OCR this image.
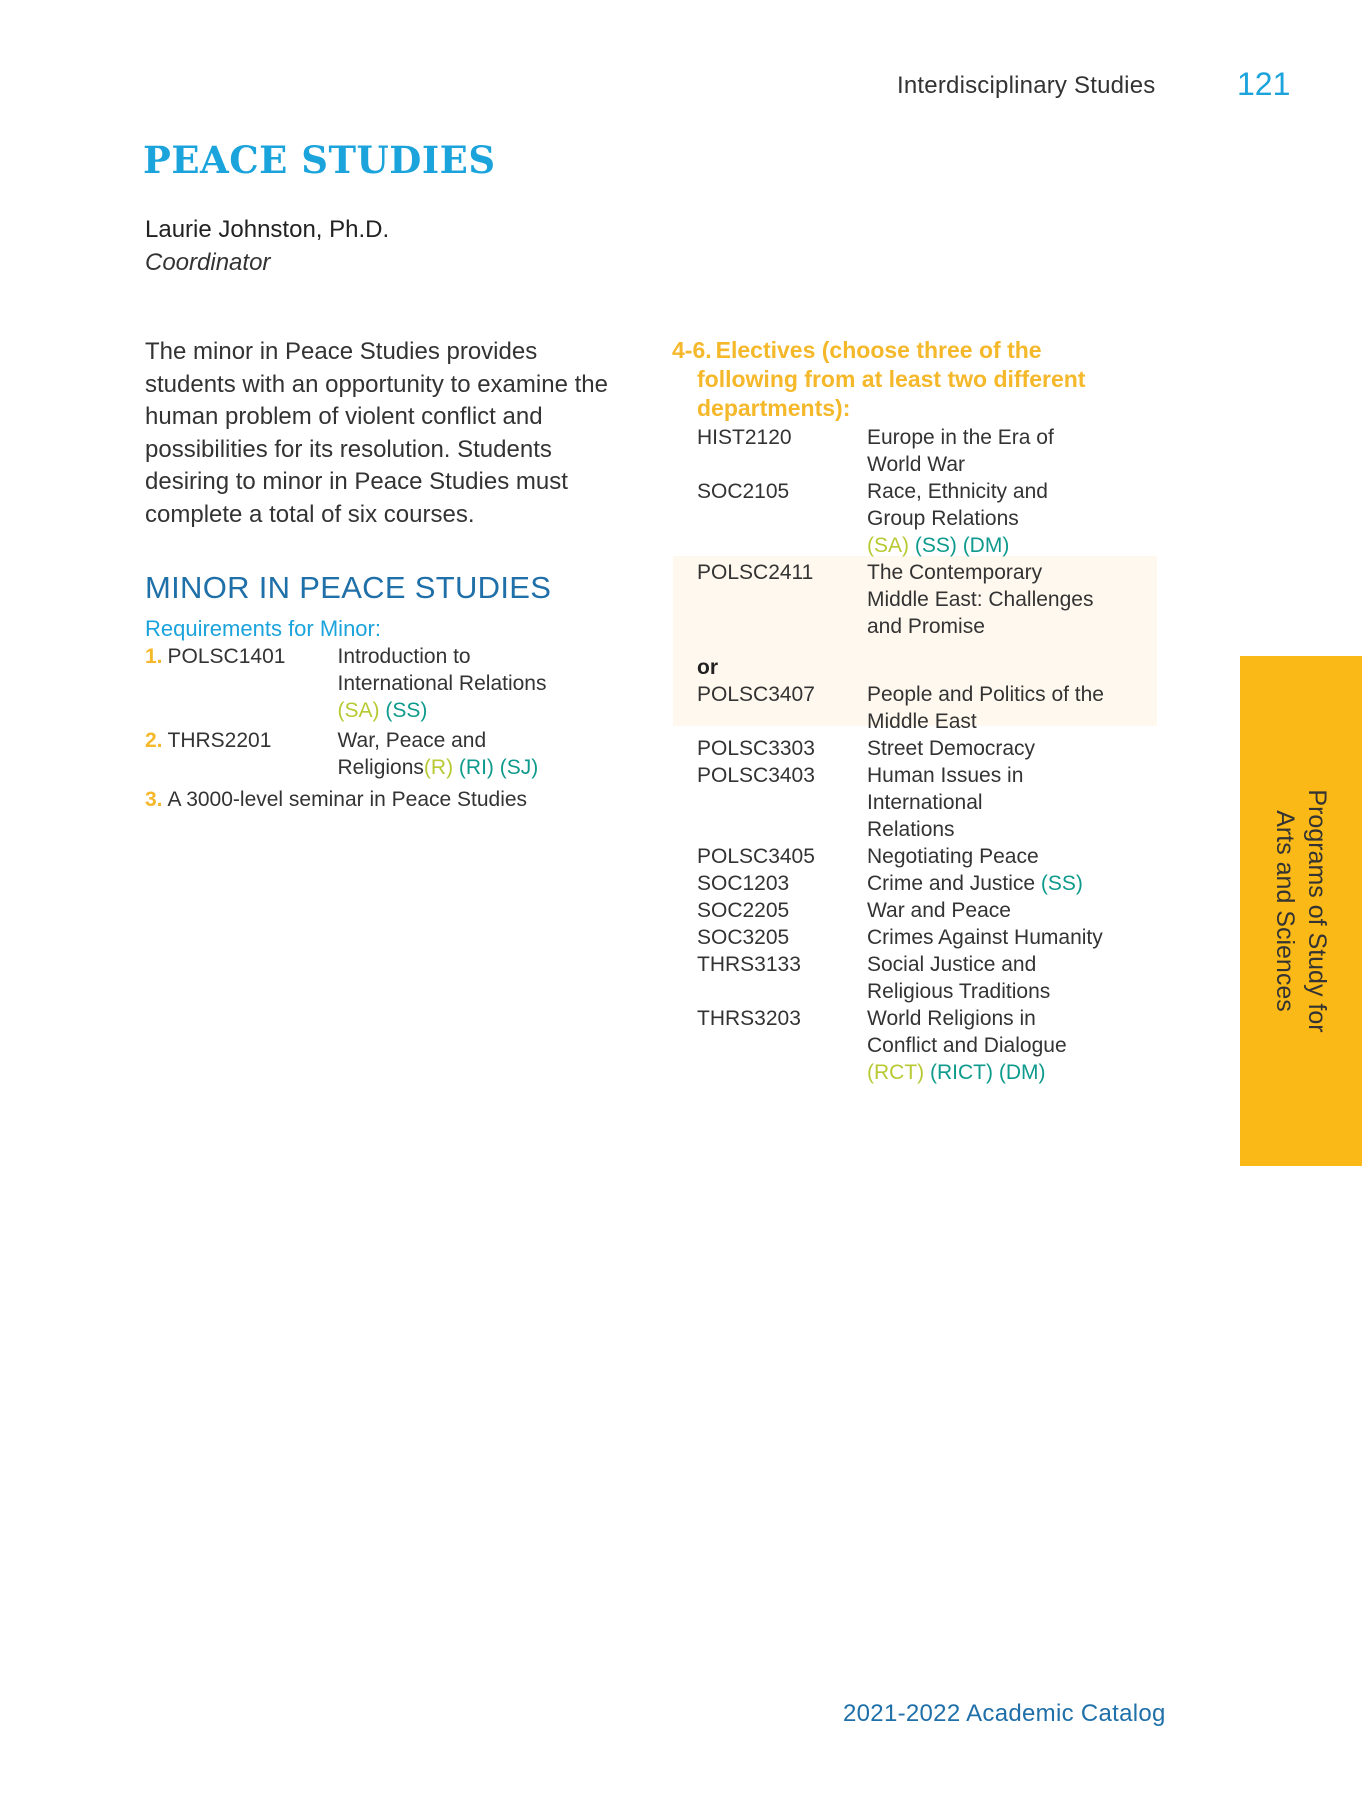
Interdisciplinary Studies	121
PEACE STUDIES
Laurie Johnston, Ph.D.
Coordinator

The minor in Peace Studies provides students with an opportunity to examine the human problem of violent conflict and possibilities for its resolution. Students desiring to minor in Peace Studies must complete a total of six courses.

MINOR IN PEACE STUDIES
Requirements for Minor:
1. POLSC1401 Introduction to
International Relations
(SA) (SS)
2. THRS2201	War, Peace and
Religions(R) (RI) (SJ)
3. A 3000-level seminar in Peace Studies
4-6. Electives (choose three of the
following from at least two different
departments):
HIST2120	Europe in the Era of
World War
SOC2105	Race, Ethnicity and
Group Relations
(SA) (SS) (DM)
POLSC2411	The Contemporary
Middle East: Challenges
and Promise
or
POLSC3407 People and Politics of the
Middle East
POLSC3303 Street Democracy
POLSC3403 Human Issues in
International
Relations
POLSC3405 Negotiating Peace
SOC1203	Crime and Justice (SS)
SOC2205	War and Peace
SOC3205	Crimes Against Humanity
THRS3133	Social Justice and
Religious Traditions
THRS3203	World Religions in
Conflict and Dialogue
(RCT) (RICT) (DM)
Programs of Study for
Arts and Sciences
2021-2022 Academic Catalog
